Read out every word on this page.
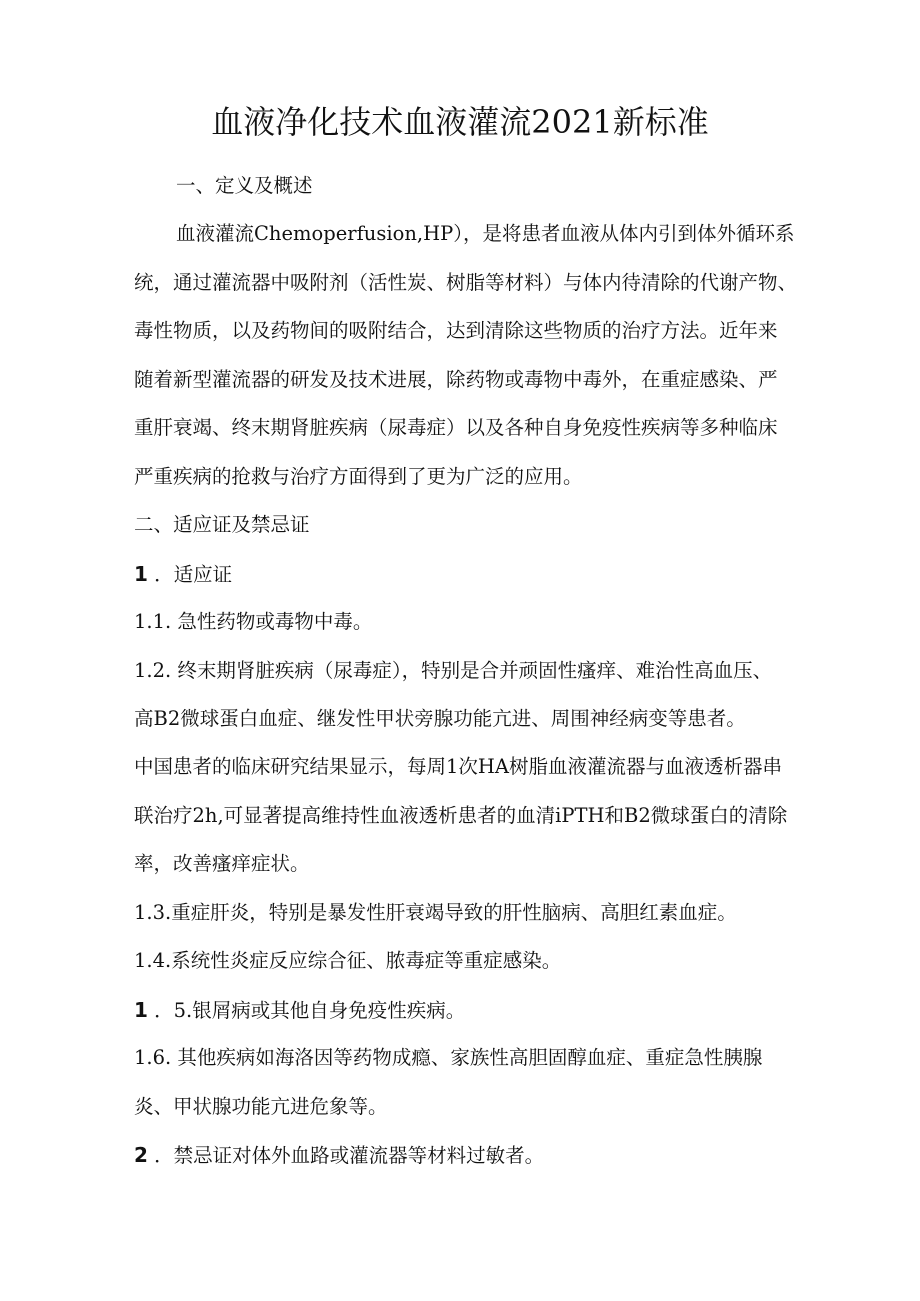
血液净化技术血液灌流2021新标准
一、定义及概述
血液灌流Chemoperfusion,HP），是将患者血液从体内引到体外循环系
统，通过灌流器中吸附剂（活性炭、树脂等材料）与体内待清除的代谢产物、
毒性物质，以及药物间的吸附结合，达到清除这些物质的治疗方法。近年来
随着新型灌流器的研发及技术进展，除药物或毒物中毒外，在重症感染、严
重肝衰竭、终末期肾脏疾病（尿毒症）以及各种自身免疫性疾病等多种临床
严重疾病的抢救与治疗方面得到了更为广泛的应用。
二、适应证及禁忌证
1 ．适应证
1.1. 急性药物或毒物中毒。
1.2. 终末期肾脏疾病（尿毒症），特别是合并顽固性瘙痒、难治性高血压、
高B2微球蛋白血症、继发性甲状旁腺功能亢进、周围神经病变等患者。
中国患者的临床研究结果显示，每周1次HA树脂血液灌流器与血液透析器串
联治疗2h,可显著提高维持性血液透析患者的血清iPTH和B2微球蛋白的清除
率，改善瘙痒症状。
1.3.重症肝炎，特别是暴发性肝衰竭导致的肝性脑病、高胆红素血症。
1.4.系统性炎症反应综合征、脓毒症等重症感染。
1 ．5.银屑病或其他自身免疫性疾病。
1.6. 其他疾病如海洛因等药物成瘾、家族性高胆固醇血症、重症急性胰腺
炎、甲状腺功能亢进危象等。
2 ．禁忌证对体外血路或灌流器等材料过敏者。
